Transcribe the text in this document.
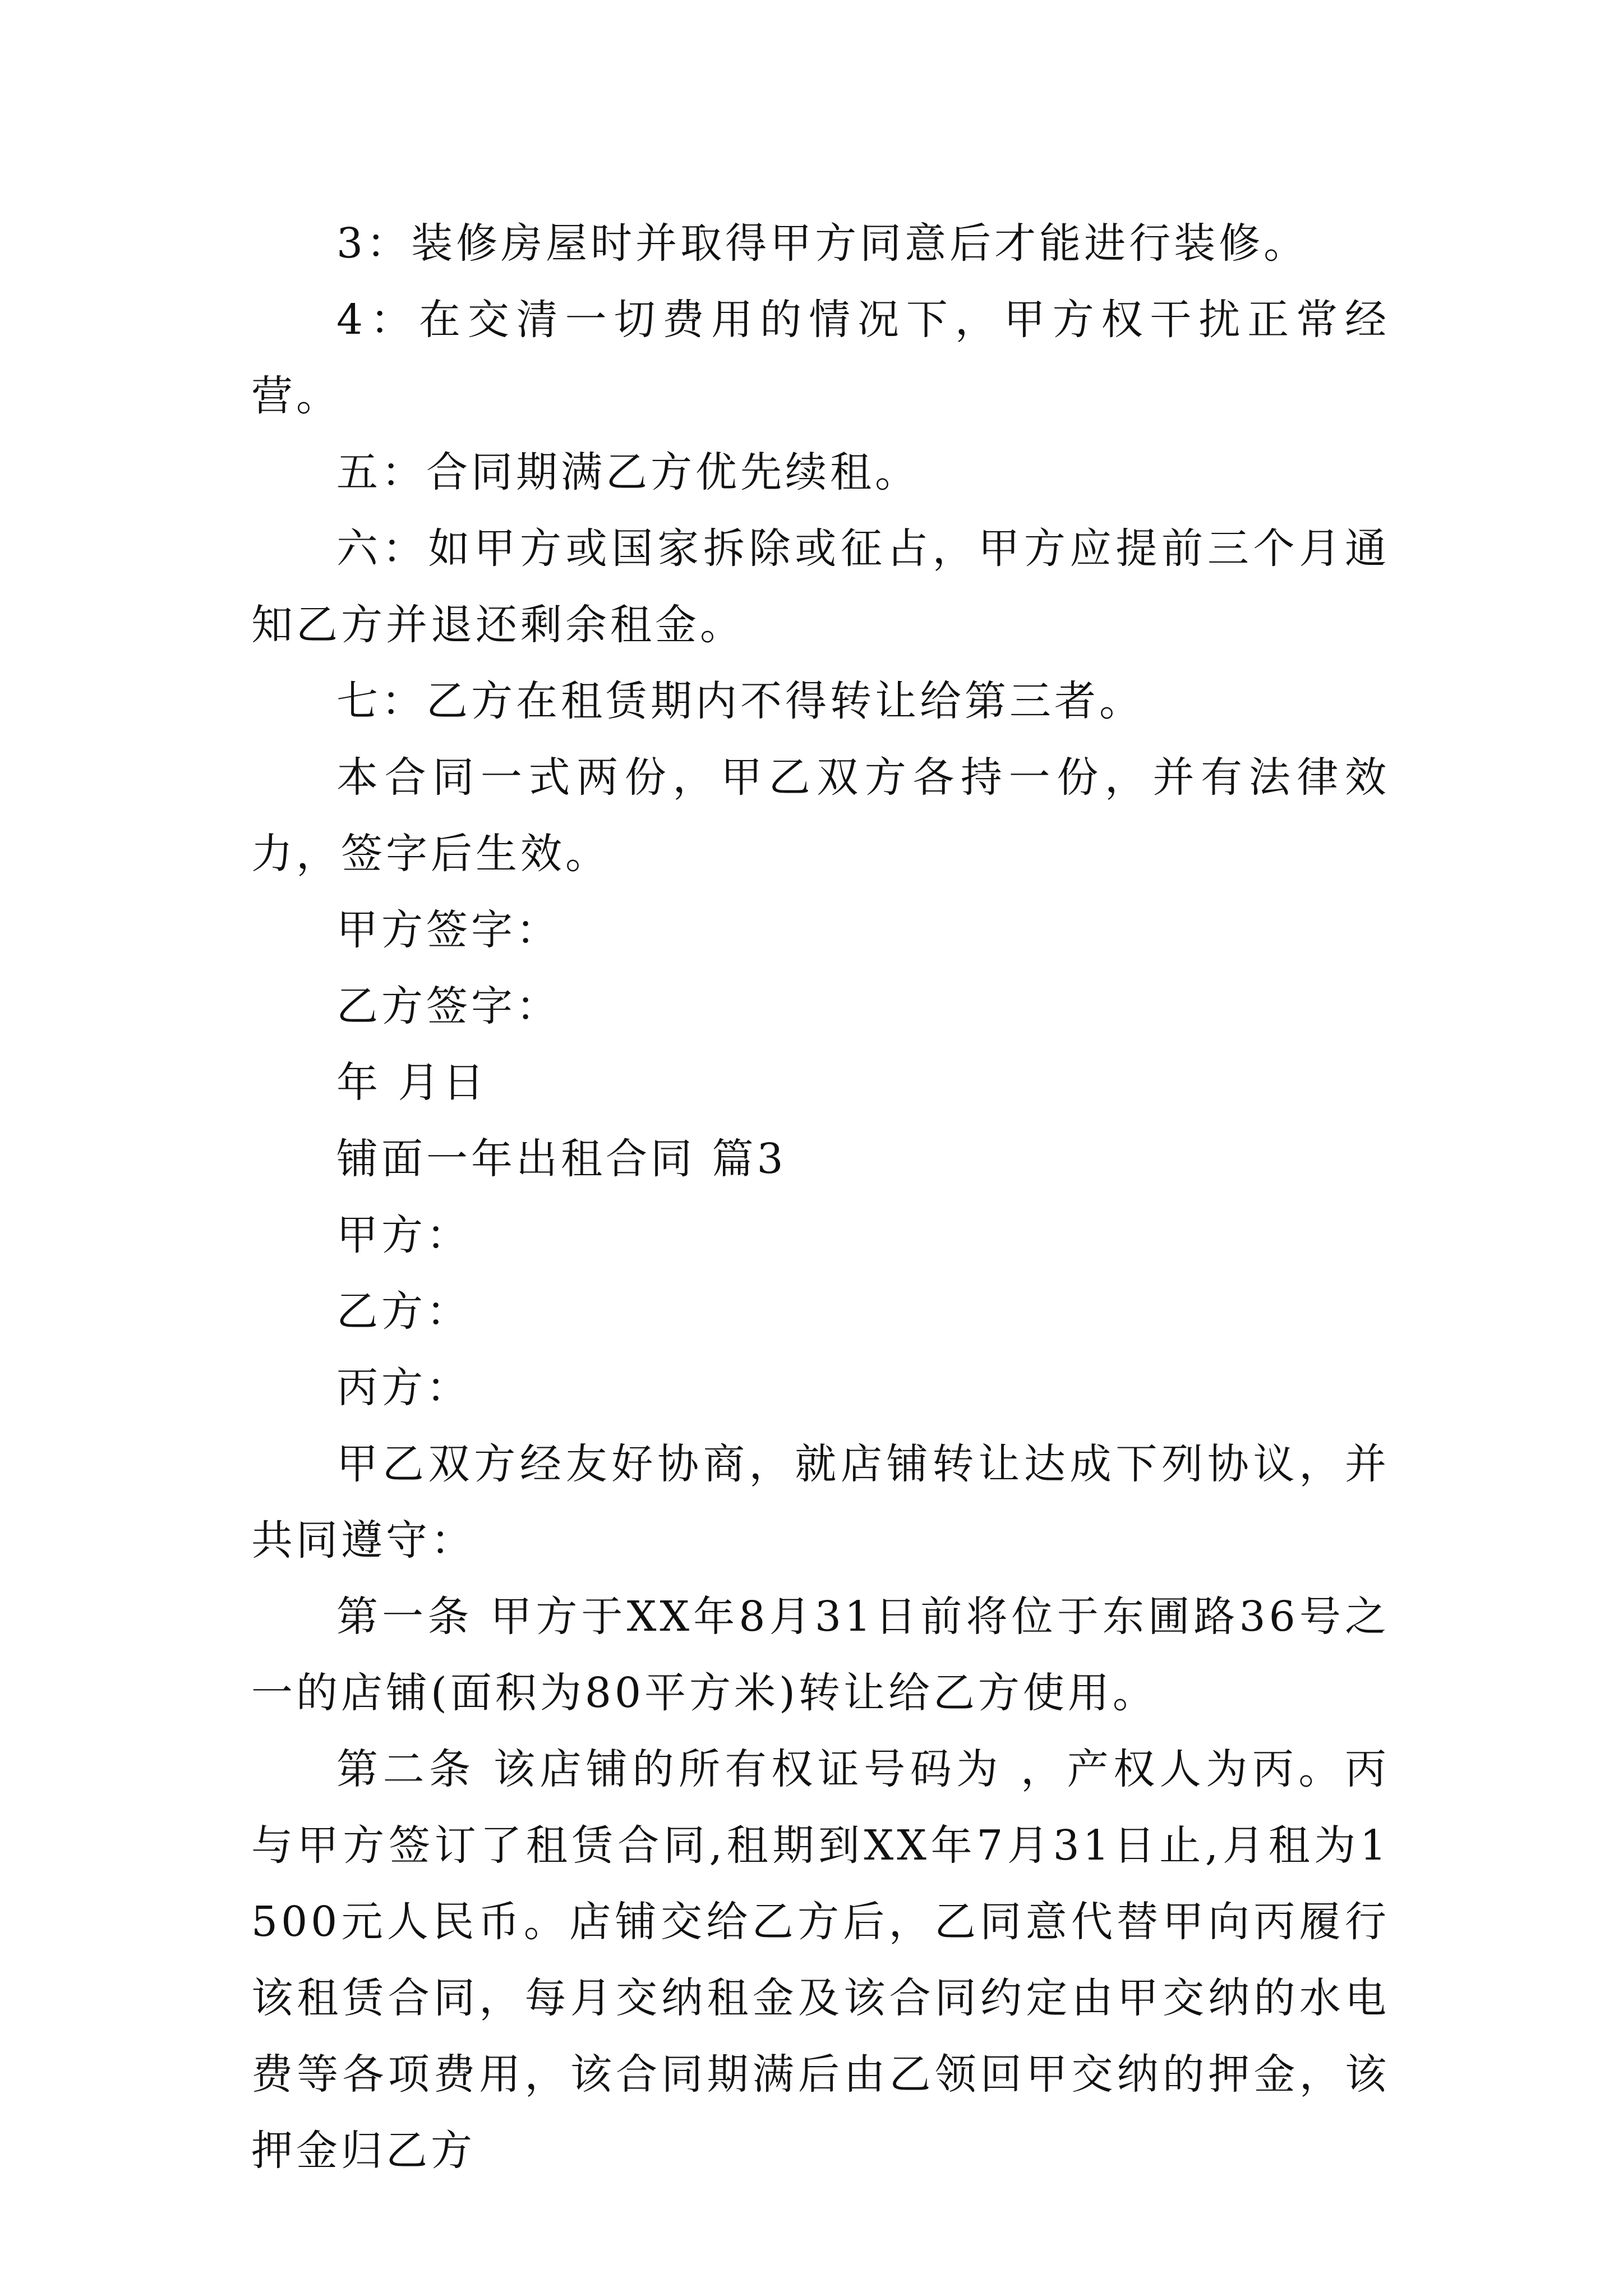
3：装修房屋时并取得甲方同意后才能进行装修。

4：在交清一切费用的情况下，甲方权干扰正常经营。

五：合同期满乙方优先续租。

六：如甲方或国家拆除或征占，甲方应提前三个月通知乙方并退还剩余租金。

七：乙方在租赁期内不得转让给第三者。

本合同一式两份，甲乙双方各持一份，并有法律效力，签字后生效。

甲方签字：

乙方签字：

年 月日

铺面一年出租合同 篇3

甲方：

乙方：

丙方：

甲乙双方经友好协商，就店铺转让达成下列协议，并共同遵守：

第一条 甲方于XX年8月31日前将位于东圃路36号之一的店铺(面积为80平方米)转让给乙方使用。

第二条 该店铺的所有权证号码为 ，产权人为丙。丙与甲方签订了租赁合同,租期到XX年7月31日止,月租为1500元人民币。店铺交给乙方后，乙同意代替甲向丙履行该租赁合同，每月交纳租金及该合同约定由甲交纳的水电费等各项费用，该合同期满后由乙领回甲交纳的押金，该押金归乙方
